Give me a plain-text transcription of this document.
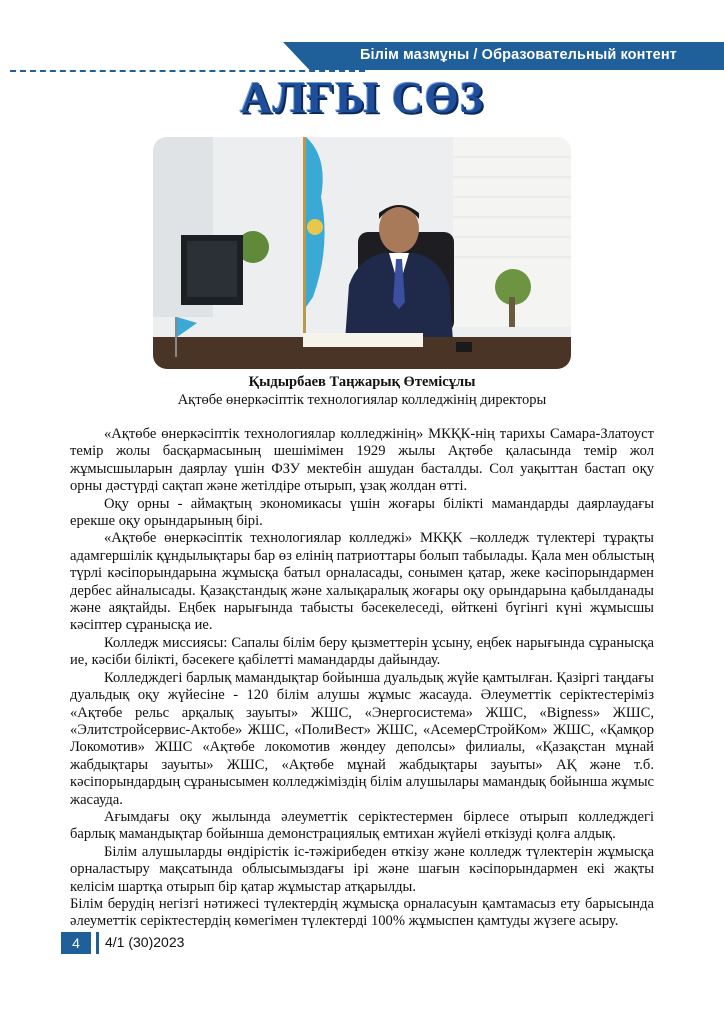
Білім мазмұны / Образовательный контент
АЛҒЫ СӨЗ
Қыдырбаев Таңжарық Өтемісұлы
Ақтөбе өнеркәсіптік технологиялар колледжінің директоры

«Ақтөбе өнеркәсіптік технологиялар колледжінің» МКҚК-нің тарихы Самара-Златоуст темір жолы басқармасының шешімімен 1929 жылы Ақтөбе қаласында темір жол жұмысшыларын даярлау үшін ФЗУ мектебін ашудан басталды. Сол уақыттан бастап оқу орны дәстүрді сақтап және жетілдіре отырып, ұзақ жолдан өтті.

Оқу орны - аймақтың экономикасы үшін жоғары білікті мамандарды даярлаудағы ерекше оқу орындарының бірі.

«Ақтөбе өнеркәсіптік технологиялар колледжі» МКҚК –колледж түлектері тұрақты адамгершілік құндылықтары бар өз елінің патриоттары болып табылады. Қала мен облыстың түрлі кәсіпорындарына жұмысқа батыл орналасады, сонымен қатар, жеке кәсіпорындармен дербес айналысады. Қазақстандық және халықаралық жоғары оқу орындарына қабылданады және аяқтайды. Еңбек нарығында табысты бәсекелеседі, өйткені бүгінгі күні жұмысшы кәсіптер сұранысқа ие.

Колледж миссиясы: Сапалы білім беру қызметтерін ұсыну, еңбек нарығында сұранысқа ие, кәсіби білікті, бәсекеге қабілетті мамандарды дайындау.

Колледждегі барлық мамандықтар бойынша дуальдық жүйе қамтылған. Қазіргі таңдағы дуальдық оқу жүйесіне - 120 білім алушы жұмыс жасауда. Әлеуметтік серіктестеріміз «Ақтөбе рельс арқалық зауыты» ЖШС, «Энергосистема» ЖШС, «Bigness» ЖШС, «Элитстройсервис-Актобе» ЖШС, «ПолиВест» ЖШС, «АсемерСтройКом» ЖШС, «Қамқор Локомотив» ЖШС «Ақтөбе локомотив жөндеу деполсы» филиалы, «Қазақстан мұнай жабдықтары зауыты» ЖШС, «Ақтөбе мұнай жабдықтары зауыты» АҚ және т.б. кәсіпорындардың сұранысымен колледжіміздің білім алушылары мамандық бойынша жұмыс жасауда.

Ағымдағы оқу жылында әлеуметтік серіктестермен бірлесе отырып колледждегі барлық мамандықтар бойынша демонстрациялық емтихан жүйелі өткізуді қолға алдық.

Білім алушыларды өндірістік іс-тәжірибеден өткізу және колледж түлектерін жұмысқа орналастыру мақсатында облысымыздағы ірі және шағын кәсіпорындармен екі жақты келісім шартқа отырып бір қатар жұмыстар атқарылды.

Білім берудің негізгі нәтижесі түлектердің жұмысқа орналасуын қамтамасыз ету барысында әлеуметтік серіктестердің көмегімен түлектерді 100% жұмыспен қамтуды жүзеге асыру.

4	4/1 (30)2023
